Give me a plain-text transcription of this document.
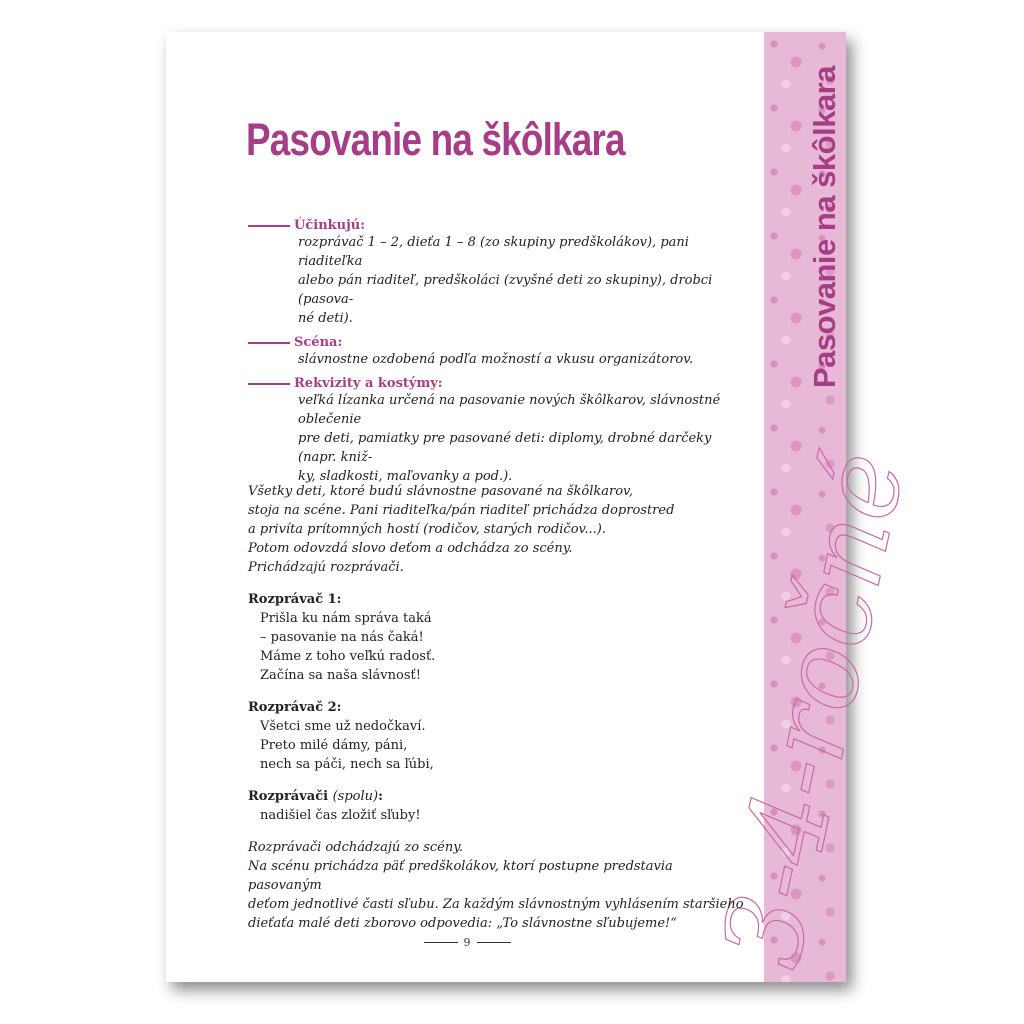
Pasovanie na škôlkara
3-4-ročné
Pasovanie na škôlkara
Účinkujú:
rozprávač 1 – 2, dieťa 1 – 8 (zo skupiny predškolákov), pani riaditeľka
alebo pán riaditeľ, predškoláci (zvyšné deti zo skupiny), drobci (pasova-
né deti).
Scéna:
slávnostne ozdobená podľa možností a vkusu organizátorov.
Rekvizity a kostýmy:
veľká lízanka určená na pasovanie nových škôlkarov, slávnostné oblečenie
pre deti, pamiatky pre pasované deti: diplomy, drobné darčeky (napr. kniž-
ky, sladkosti, maľovanky a pod.).
Všetky deti, ktoré budú slávnostne pasované na škôlkarov,
stoja na scéne. Pani riaditeľka/pán riaditeľ prichádza doprostred
a privíta prítomných hostí (rodičov, starých rodičov...).
Potom odovzdá slovo deťom a odchádza zo scény.
Prichádzajú rozprávači.
Rozprávač 1:
Prišla ku nám správa taká
– pasovanie na nás čaká!
Máme z toho veľkú radosť.
Začína sa naša slávnosť!
Rozprávač 2:
Všetci sme už nedočkaví.
Preto milé dámy, páni,
nech sa páči, nech sa ľúbi,
Rozprávači (spolu):
nadišiel čas zložiť sľuby!
Rozprávači odchádzajú zo scény.
Na scénu prichádza päť predškolákov, ktorí postupne predstavia pasovaným
deťom jednotlivé časti sľubu. Za každým slávnostným vyhlásením staršieho
dieťaťa malé deti zborovo odpovedia: „To slávnostne sľubujeme!“
9
